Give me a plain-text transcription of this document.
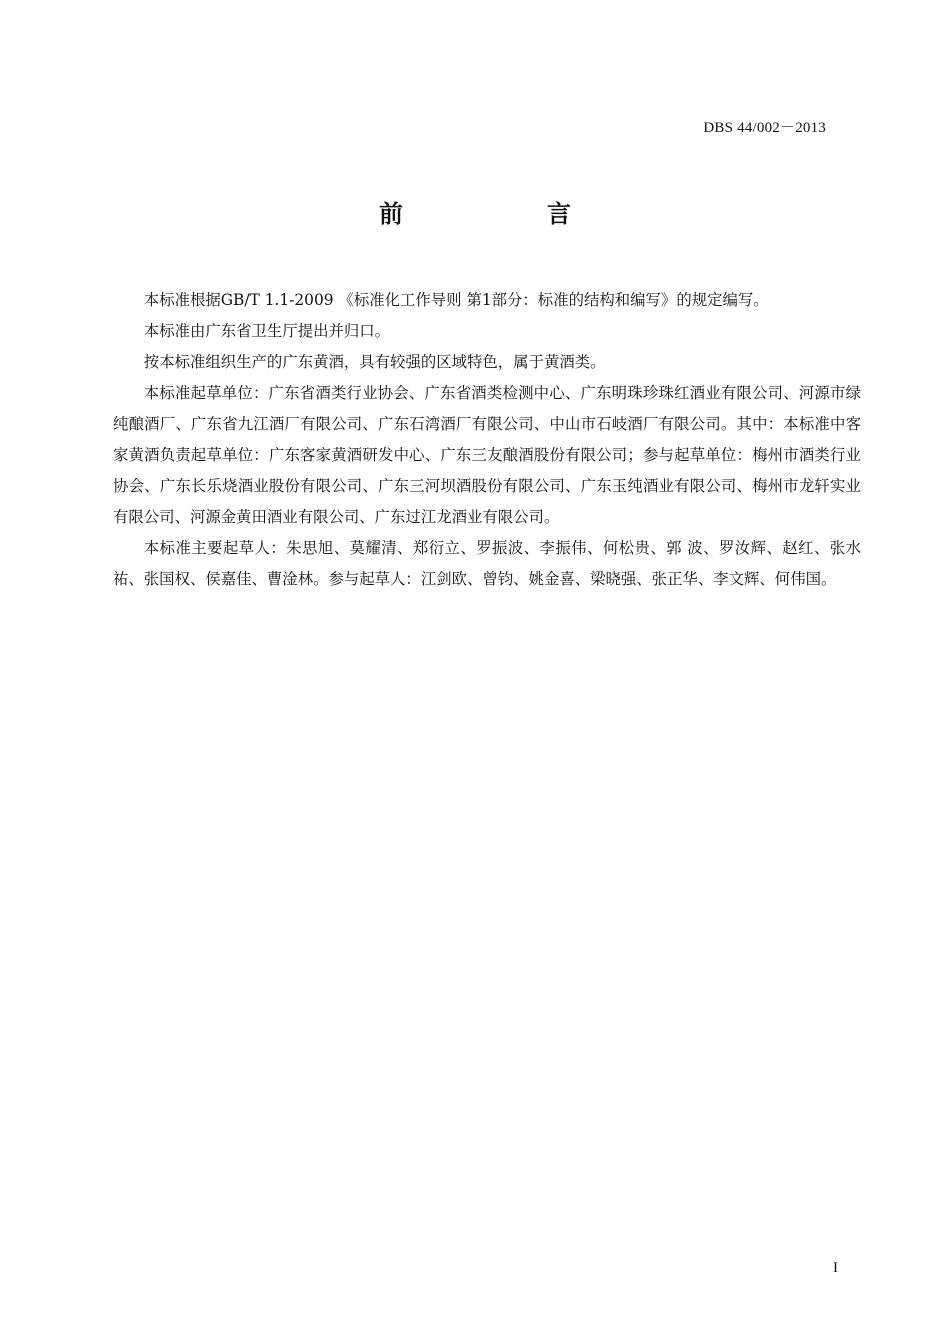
DBS 44/002－2013
前　言

本标准根据GB/T 1.1-2009 《标准化工作导则 第1部分：标准的结构和编写》的规定编写。

本标准由广东省卫生厅提出并归口。

按本标准组织生产的广东黄酒，具有较强的区域特色，属于黄酒类。

本标准起草单位：广东省酒类行业协会、广东省酒类检测中心、广东明珠珍珠红酒业有限公司、河源市绿纯酿酒厂、广东省九江酒厂有限公司、广东石湾酒厂有限公司、中山市石岐酒厂有限公司。其中：本标准中客家黄酒负责起草单位：广东客家黄酒研发中心、广东三友酿酒股份有限公司；参与起草单位：梅州市酒类行业协会、广东长乐烧酒业股份有限公司、广东三河坝酒股份有限公司、广东玉纯酒业有限公司、梅州市龙轩实业有限公司、河源金黄田酒业有限公司、广东过江龙酒业有限公司。

本标准主要起草人：朱思旭、莫耀清、郑衍立、罗振波、李振伟、何松贵、郭 波、罗汝辉、赵红、张水祐、张国权、侯嘉佳、曹淦林。参与起草人：江剑欧、曾钧、姚金喜、梁晓强、张正华、李文辉、何伟国。

I
